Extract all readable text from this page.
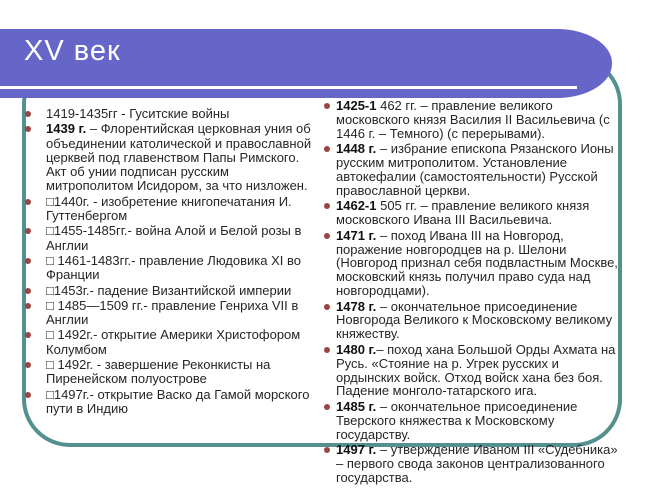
XV век
1419-1435гг - Гуситские войны
1439 г. – Флорентийская церковная уния об объединении католической и православной церквей под главенством Папы Римского. Акт об унии подписан русским митрополитом Исидором, за что низложен.
□1440г. - изобретение книгопечатания И. Гуттенбергом
□1455-1485гг.- война Алой и Белой розы в Англии
□ 1461-1483гг.- правление Людовика XI во Франции
□1453г.- падение Византийской империи
□ 1485—1509 гг.- правление Генриха VII в Англии
□ 1492г.- открытие Америки Христофором Колумбом
□ 1492г. - завершение Реконкисты на Пиренейском полуострове
□1497г.- открытие Васко да Гамой морского пути в Индию
1425-1 462 гг. – правление великого московского князя Василия II Васильевича (с 1446 г. – Темного) (с перерывами).
1448 г. – избрание епископа Рязанского Ионы русским митрополитом. Установление автокефалии (самостоятельности) Русской православной церкви.
1462-1 505 гг. – правление великого князя московского Ивана III Васильевича.
1471 г. – поход Ивана III на Новгород, поражение новгородцев на р. Шелони (Новгород признал себя подвластным Москве, московский князь получил право суда над новгородцами).
1478 г. – окончательное присоединение Новгорода Великого к Московскому великому княжеству.
1480 г.– поход хана Большой Орды Ахмата на Русь. «Стояние на р. Угрек русских и ордынских войск. Отход войск хана без боя. Падение монголо-татарского ига.
1485 г. – окончательное присоединение Тверского княжества к Московскому государству.
1497 г. – утверждение Иваном III «Судебника» – первого свода законов централизованного государства.
